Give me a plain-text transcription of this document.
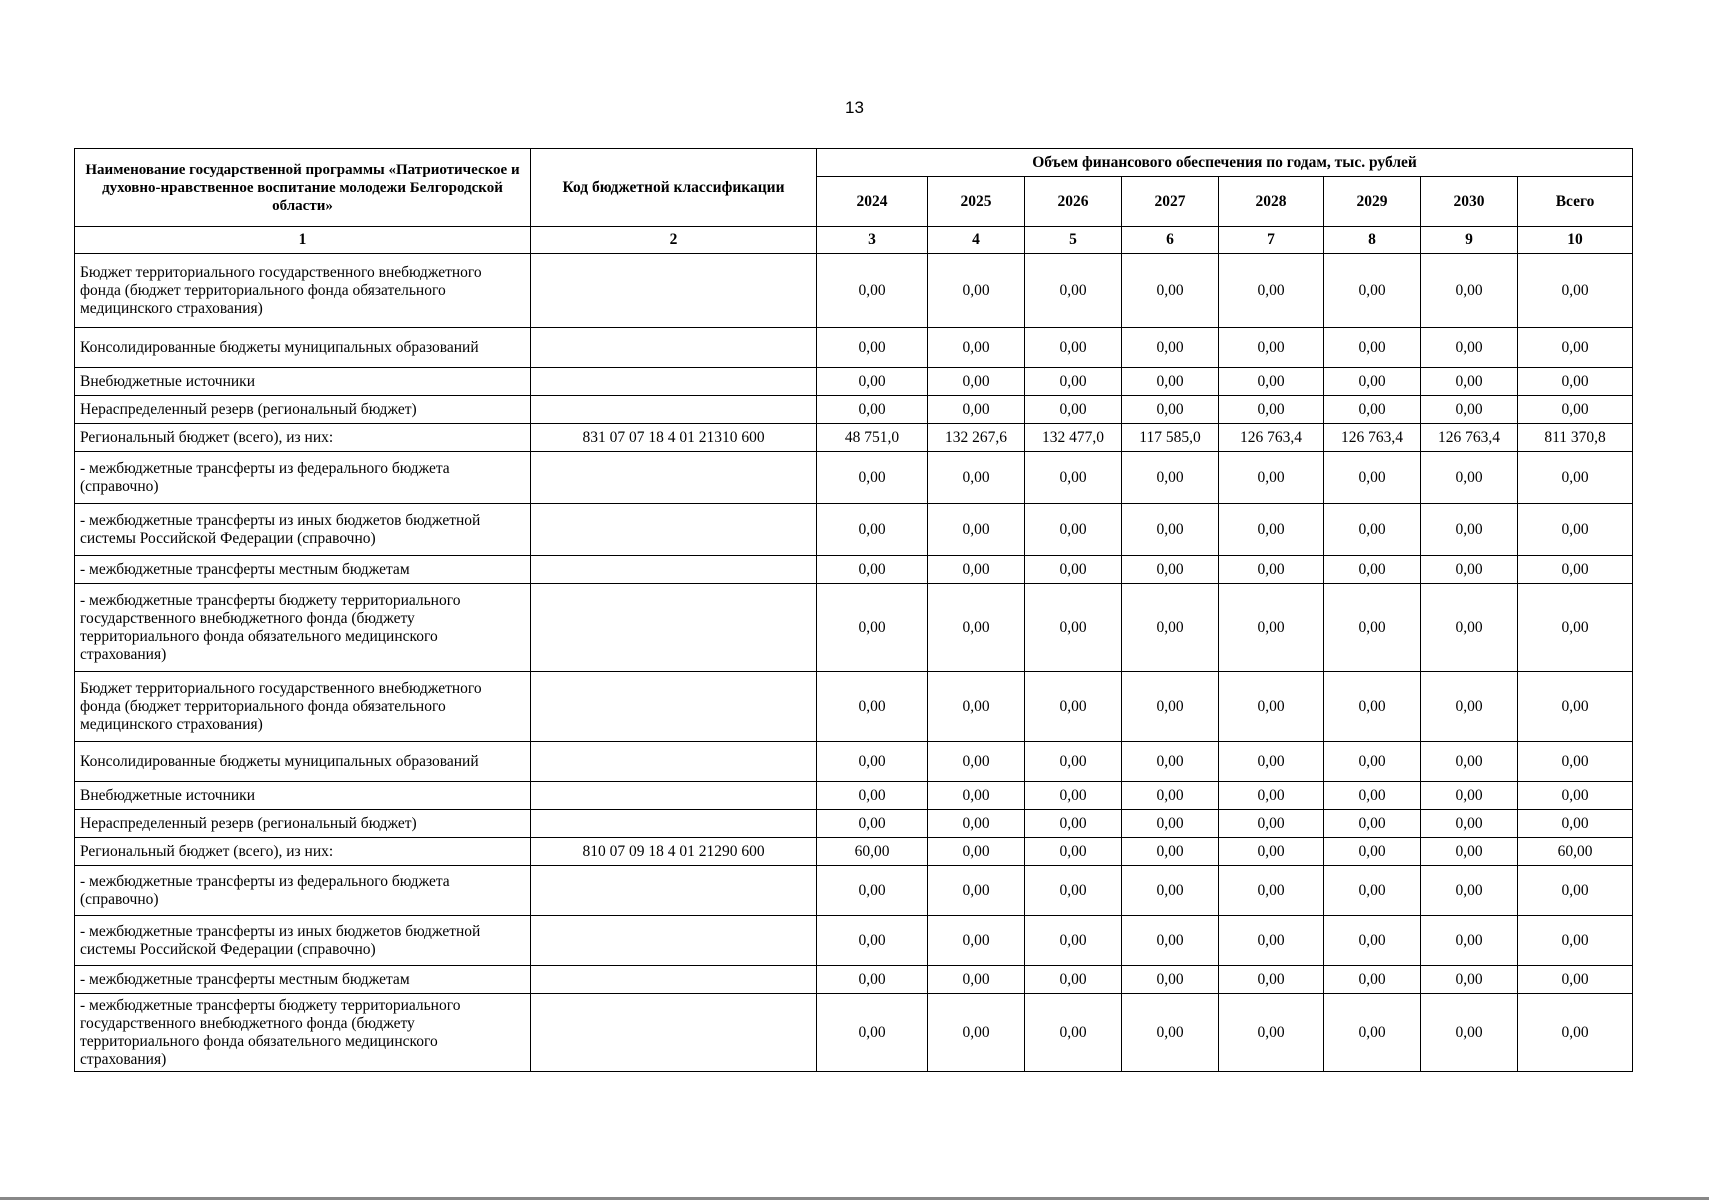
13
Наименование государственной программы «Патриотическое и духовно-нравственное воспитание молодежи Белгородской области»	Код бюджетной классификации	Объем финансового обеспечения по годам, тыс. рублей							
		2024	2025	2026	2027	2028	2029	2030	Всего
1	2	3	4	5	6	7	8	9	10
Бюджет территориального государственного внебюджетного фонда (бюджет территориального фонда обязательного медицинского страхования)		0,00	0,00	0,00	0,00	0,00	0,00	0,00	0,00
Консолидированные бюджеты муниципальных образований		0,00	0,00	0,00	0,00	0,00	0,00	0,00	0,00
Внебюджетные источники		0,00	0,00	0,00	0,00	0,00	0,00	0,00	0,00
Нераспределенный резерв (региональный бюджет)		0,00	0,00	0,00	0,00	0,00	0,00	0,00	0,00
Региональный бюджет (всего), из них:	831 07 07 18 4 01 21310 600	48 751,0	132 267,6	132 477,0	117 585,0	126 763,4	126 763,4	126 763,4	811 370,8
- межбюджетные трансферты из федерального бюджета (справочно)		0,00	0,00	0,00	0,00	0,00	0,00	0,00	0,00
- межбюджетные трансферты из иных бюджетов бюджетной системы Российской Федерации (справочно)		0,00	0,00	0,00	0,00	0,00	0,00	0,00	0,00
- межбюджетные трансферты местным бюджетам		0,00	0,00	0,00	0,00	0,00	0,00	0,00	0,00
- межбюджетные трансферты бюджету территориального государственного внебюджетного фонда (бюджету территориального фонда обязательного медицинского страхования)		0,00	0,00	0,00	0,00	0,00	0,00	0,00	0,00
Бюджет территориального государственного внебюджетного фонда (бюджет территориального фонда обязательного медицинского страхования)		0,00	0,00	0,00	0,00	0,00	0,00	0,00	0,00
Консолидированные бюджеты муниципальных образований		0,00	0,00	0,00	0,00	0,00	0,00	0,00	0,00
Внебюджетные источники		0,00	0,00	0,00	0,00	0,00	0,00	0,00	0,00
Нераспределенный резерв (региональный бюджет)		0,00	0,00	0,00	0,00	0,00	0,00	0,00	0,00
Региональный бюджет (всего), из них:	810 07 09 18 4 01 21290 600	60,00	0,00	0,00	0,00	0,00	0,00	0,00	60,00
- межбюджетные трансферты из федерального бюджета (справочно)		0,00	0,00	0,00	0,00	0,00	0,00	0,00	0,00
- межбюджетные трансферты из иных бюджетов бюджетной системы Российской Федерации (справочно)		0,00	0,00	0,00	0,00	0,00	0,00	0,00	0,00
- межбюджетные трансферты местным бюджетам		0,00	0,00	0,00	0,00	0,00	0,00	0,00	0,00
- межбюджетные трансферты бюджету территориального государственного внебюджетного фонда (бюджету территориального фонда обязательного медицинского страхования)		0,00	0,00	0,00	0,00	0,00	0,00	0,00	0,00
